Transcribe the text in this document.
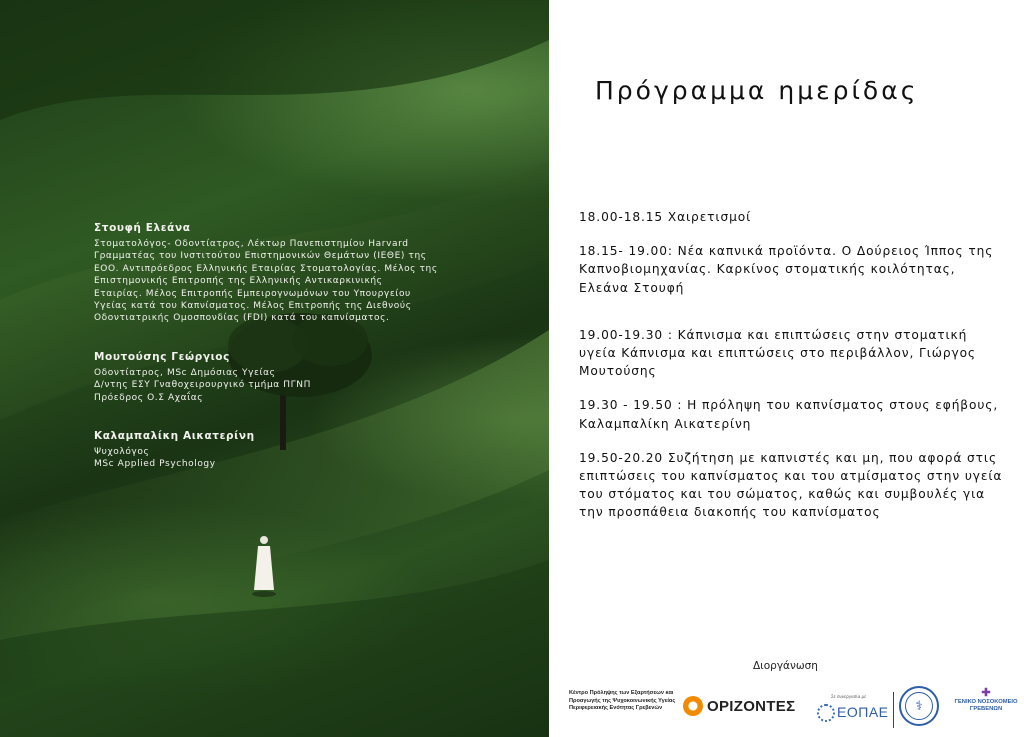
Στουφή Ελεάνα
Στοματολόγος- Οδοντίατρος, Λέκτωρ Πανεπιστημίου Harvard
Γραμματέας του Ινστιτούτου Επιστημονικών Θεμάτων (ΙΕΘΕ) της
ΕΟΟ. Αντιπρόεδρος Ελληνικής Εταιρίας Στοματολογίας. Μέλος της
Επιστημονικής Επιτροπής της Ελληνικής Αντικαρκινικής
Εταιρίας. Μέλος Επιτροπής Εμπειρογνωμόνων του Υπουργείου
Υγείας κατά του Καπνίσματος. Μέλος Επιτροπής της Διεθνούς
Οδοντιατρικής Ομοσπονδίας (FDI) κατά του καπνίσματος.
Μουτούσης Γεώργιος
Οδοντίατρος, MSc Δημόσιας Υγείας
Δ/ντης ΕΣΥ Γναθοχειρουργικό τμήμα ΠΓΝΠ
Πρόεδρος Ο.Σ Αχαΐας
Καλαμπαλίκη Αικατερίνη
Ψυχολόγος
MSc Applied Psychology
Πρόγραμμα ημερίδας
18.00-18.15 Χαιρετισμοί
18.15- 19.00: Νέα καπνικά προϊόντα. Ο Δούρειος Ίππος της Καπνοβιομηχανίας. Καρκίνος στοματικής κοιλότητας, Ελεάνα Στουφή
19.00-19.30 : Κάπνισμα και επιπτώσεις στην στοματική υγεία Κάπνισμα και επιπτώσεις στο περιβάλλον, Γιώργος Μουτούσης
19.30 - 19.50 : Η πρόληψη του καπνίσματος στους εφήβους, Καλαμπαλίκη Αικατερίνη
19.50-20.20 Συζήτηση με καπνιστές και μη, που αφορά στις επιπτώσεις του καπνίσματος και του ατμίσματος στην υγεία του στόματος και του σώματος, καθώς και συμβουλές για την προσπάθεια διακοπής του καπνίσματος
Διοργάνωση
Κέντρο Πρόληψης των Εξαρτήσεων και Προαγωγής της Ψυχοκοινωνικής Υγείας Περιφερειακής Ενότητας Γρεβενών	ΟΡΙΖΟΝΤΕΣ
Σε συνεργασία με
ΕΟΠΑΕ	⚕
✚
ΓΕΝΙΚΟ ΝΟΣΟΚΟΜΕΙΟ ΓΡΕΒΕΝΩΝ
